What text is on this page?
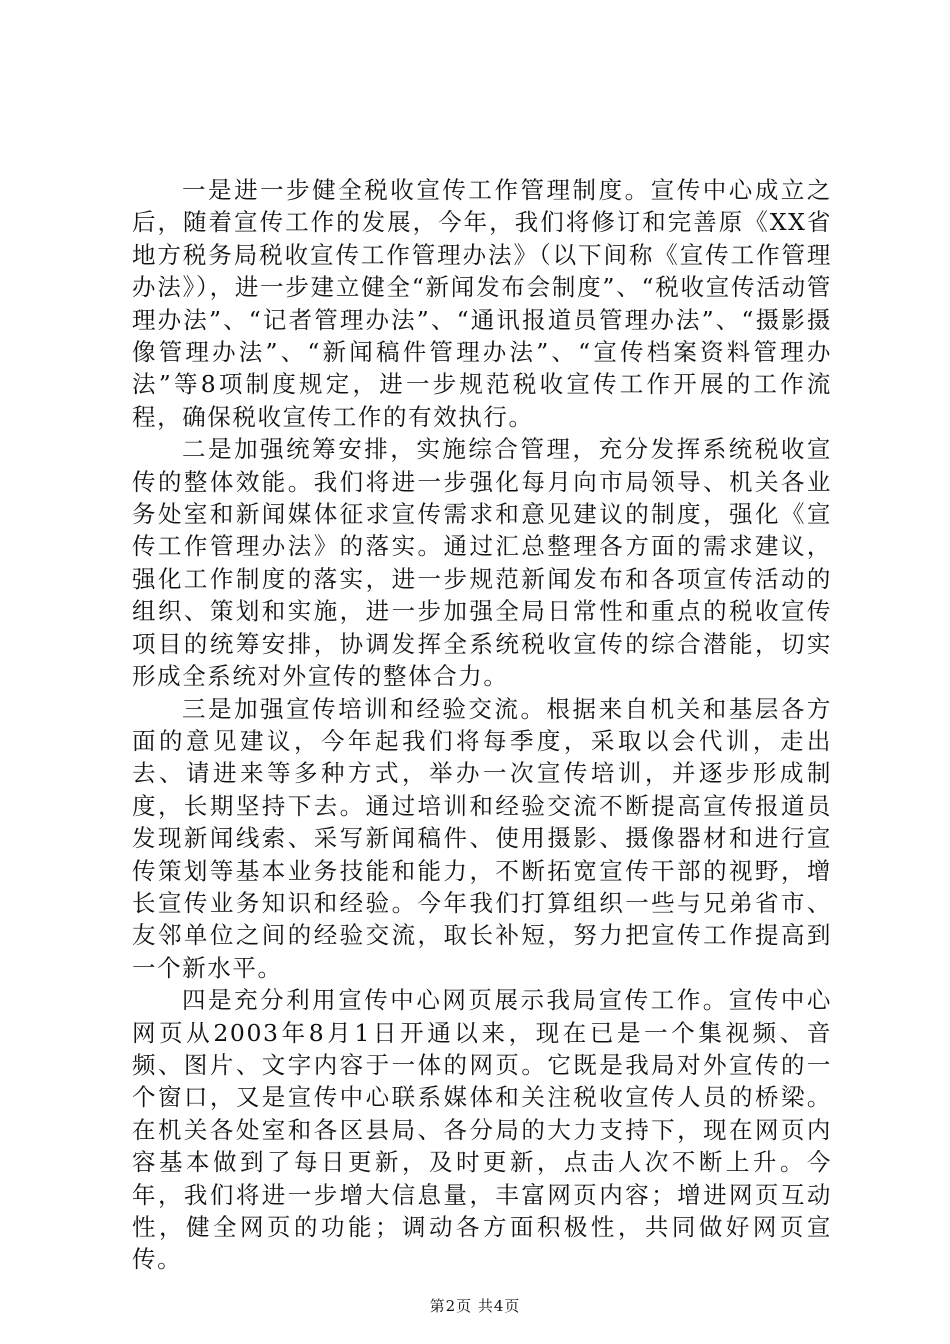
一是进一步健全税收宣传工作管理制度。宣传中心成立之后，随着宣传工作的发展，今年，我们将修订和完善原《XX省地方税务局税收宣传工作管理办法》（以下间称《宣传工作管理办法》），进一步建立健全“新闻发布会制度”、“税收宣传活动管理办法”、“记者管理办法”、“通讯报道员管理办法”、“摄影摄像管理办法”、“新闻稿件管理办法”、“宣传档案资料管理办法”等8项制度规定，进一步规范税收宣传工作开展的工作流程，确保税收宣传工作的有效执行。

二是加强统筹安排，实施综合管理，充分发挥系统税收宣传的整体效能。我们将进一步强化每月向市局领导、机关各业务处室和新闻媒体征求宣传需求和意见建议的制度，强化《宣传工作管理办法》的落实。通过汇总整理各方面的需求建议，强化工作制度的落实，进一步规范新闻发布和各项宣传活动的组织、策划和实施，进一步加强全局日常性和重点的税收宣传项目的统筹安排，协调发挥全系统税收宣传的综合潜能，切实形成全系统对外宣传的整体合力。

三是加强宣传培训和经验交流。根据来自机关和基层各方面的意见建议，今年起我们将每季度，采取以会代训，走出去、请进来等多种方式，举办一次宣传培训，并逐步形成制度，长期坚持下去。通过培训和经验交流不断提高宣传报道员发现新闻线索、采写新闻稿件、使用摄影、摄像器材和进行宣传策划等基本业务技能和能力，不断拓宽宣传干部的视野，增长宣传业务知识和经验。今年我们打算组织一些与兄弟省市、友邻单位之间的经验交流，取长补短，努力把宣传工作提高到一个新水平。

四是充分利用宣传中心网页展示我局宣传工作。宣传中心网页从2003年8月1日开通以来，现在已是一个集视频、音频、图片、文字内容于一体的网页。它既是我局对外宣传的一个窗口，又是宣传中心联系媒体和关注税收宣传人员的桥梁。在机关各处室和各区县局、各分局的大力支持下，现在网页内容基本做到了每日更新，及时更新，点击人次不断上升。今年，我们将进一步增大信息量，丰富网页内容；增进网页互动性，健全网页的功能；调动各方面积极性，共同做好网页宣传。

第2页 共4页
